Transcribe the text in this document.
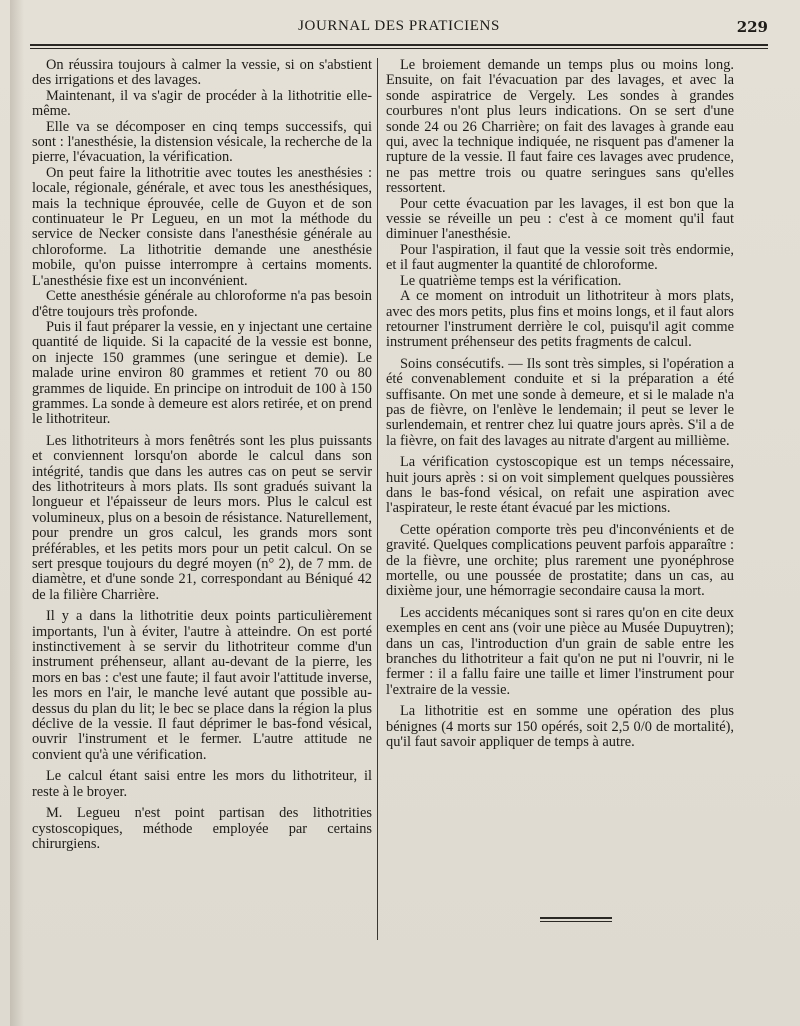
JOURNAL DES PRATICIENS	229

On réussira toujours à calmer la vessie, si on s'abstient des irrigations et des lavages.

Maintenant, il va s'agir de procéder à la lithotritie elle-même.

Elle va se décomposer en cinq temps successifs, qui sont : l'anesthésie, la distension vésicale, la recherche de la pierre, l'évacuation, la vérification.

On peut faire la lithotritie avec toutes les anesthésies : locale, régionale, générale, et avec tous les anesthésiques, mais la technique éprouvée, celle de Guyon et de son continuateur le Pr Legueu, en un mot la méthode du service de Necker consiste dans l'anesthésie générale au chloroforme. La lithotritie demande une anesthésie mobile, qu'on puisse interrompre à certains moments. L'anesthésie fixe est un inconvénient.

Cette anesthésie générale au chloroforme n'a pas besoin d'être toujours très profonde.

Puis il faut préparer la vessie, en y injectant une certaine quantité de liquide. Si la capacité de la vessie est bonne, on injecte 150 grammes (une seringue et demie). Le malade urine environ 80 grammes et retient 70 ou 80 grammes de liquide. En principe on introduit de 100 à 150 grammes. La sonde à demeure est alors retirée, et on prend le lithotriteur.

Les lithotriteurs à mors fenêtrés sont les plus puissants et conviennent lorsqu'on aborde le calcul dans son intégrité, tandis que dans les autres cas on peut se servir des lithotriteurs à mors plats. Ils sont gradués suivant la longueur et l'épaisseur de leurs mors. Plus le calcul est volumineux, plus on a besoin de résistance. Naturellement, pour prendre un gros calcul, les grands mors sont préférables, et les petits mors pour un petit calcul. On se sert presque toujours du degré moyen (n° 2), de 7 mm. de diamètre, et d'une sonde 21, correspondant au Béniqué 42 de la filière Charrière.

Il y a dans la lithotritie deux points particulièrement importants, l'un à éviter, l'autre à atteindre. On est porté instinctivement à se servir du lithotriteur comme d'un instrument préhenseur, allant au-devant de la pierre, les mors en bas : c'est une faute; il faut avoir l'attitude inverse, les mors en l'air, le manche levé autant que possible au-dessus du plan du lit; le bec se place dans la région la plus déclive de la vessie. Il faut déprimer le bas-fond vésical, ouvrir l'instrument et le fermer. L'autre attitude ne convient qu'à une vérification.

Le calcul étant saisi entre les mors du lithotriteur, il reste à le broyer.

M. Legueu n'est point partisan des lithotrities cystoscopiques, méthode employée par certains chirurgiens.

Le broiement demande un temps plus ou moins long. Ensuite, on fait l'évacuation par des lavages, et avec la sonde aspiratrice de Vergely. Les sondes à grandes courbures n'ont plus leurs indications. On se sert d'une sonde 24 ou 26 Charrière; on fait des lavages à grande eau qui, avec la technique indiquée, ne risquent pas d'amener la rupture de la vessie. Il faut faire ces lavages avec prudence, ne pas mettre trois ou quatre seringues sans qu'elles ressortent.

Pour cette évacuation par les lavages, il est bon que la vessie se réveille un peu : c'est à ce moment qu'il faut diminuer l'anesthésie.

Pour l'aspiration, il faut que la vessie soit très endormie, et il faut augmenter la quantité de chloroforme.

Le quatrième temps est la vérification.

A ce moment on introduit un lithotriteur à mors plats, avec des mors petits, plus fins et moins longs, et il faut alors retourner l'instrument derrière le col, puisqu'il agit comme instrument préhenseur des petits fragments de calcul.

Soins consécutifs. — Ils sont très simples, si l'opération a été convenablement conduite et si la préparation a été suffisante. On met une sonde à demeure, et si le malade n'a pas de fièvre, on l'enlève le lendemain; il peut se lever le surlendemain, et rentrer chez lui quatre jours après. S'il a de la fièvre, on fait des lavages au nitrate d'argent au millième.

La vérification cystoscopique est un temps nécessaire, huit jours après : si on voit simplement quelques poussières dans le bas-fond vésical, on refait une aspiration avec l'aspirateur, le reste étant évacué par les mictions.

Cette opération comporte très peu d'inconvénients et de gravité. Quelques complications peuvent parfois apparaître : de la fièvre, une orchite; plus rarement une pyonéphrose mortelle, ou une poussée de prostatite; dans un cas, au dixième jour, une hémorragie secondaire causa la mort.

Les accidents mécaniques sont si rares qu'on en cite deux exemples en cent ans (voir une pièce au Musée Dupuytren); dans un cas, l'introduction d'un grain de sable entre les branches du lithotriteur a fait qu'on ne put ni l'ouvrir, ni le fermer : il a fallu faire une taille et limer l'instrument pour l'extraire de la vessie.

La lithotritie est en somme une opération des plus bénignes (4 morts sur 150 opérés, soit 2,5 0/0 de mortalité), qu'il faut savoir appliquer de temps à autre.
